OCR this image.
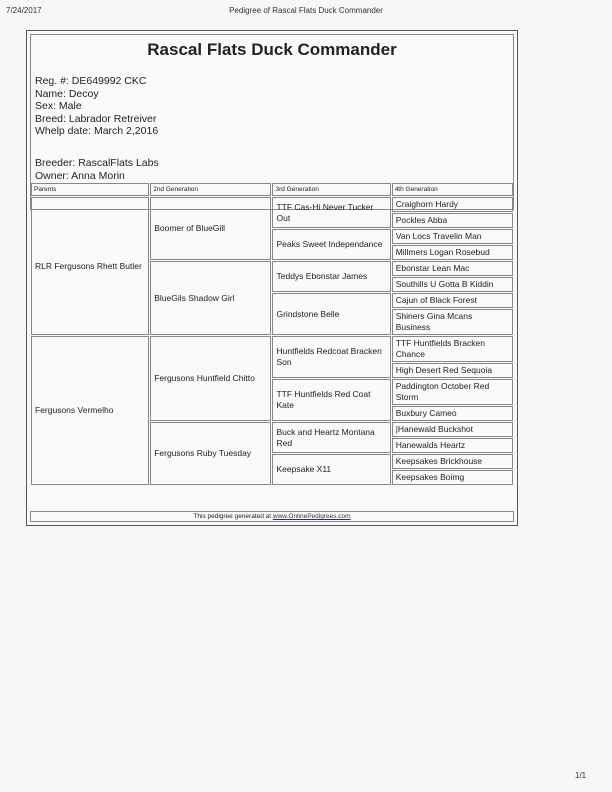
7/24/2017	Pedigree of Rascal Flats Duck Commander
Rascal Flats Duck Commander
Reg. #: DE649992 CKC
Name: Decoy
Sex: Male
Breed: Labrador Retreiver
Whelp date: March 2,2016
Breeder: RascalFlats Labs
Owner: Anna Morin
Parents	2nd Generation	3rd Generation	4th Generation
RLR Fergusons Rhett Butler	Boomer of BlueGill	TTF Cas-Hi Never Tucker Out	Craighorn Hardy
			Pockles Abba
		Peaks Sweet Independance	Van Locs Travelin Man
			Millmers Logan Rosebud
	BlueGils Shadow Girl	Teddys Ebonstar James	Ebonstar Lean Mac
			Southills U Gotta B Kiddin
		Grindstone Belle	Cajun of Black Forest
			Shiners Gina Mcans Business
Fergusons Vermelho	Fergusons Huntfield Chitto	Huntfields Redcoat Bracken Son	TTF Huntfields Bracken Chance
			High Desert Red Sequoia
		TTF Huntfields Red Coat Kate	Paddington October Red Storm
			Buxbury Cameo
	Fergusons Ruby Tuesday	Buck and Heartz Montana Red	|Hanewald Buckshot
			Hanewalds Heartz
		Keepsake X11	Keepsakes Brickhouse
			Keepsakes Boimg
This pedigree generated at www.OnlinePedigrees.com
1/1
